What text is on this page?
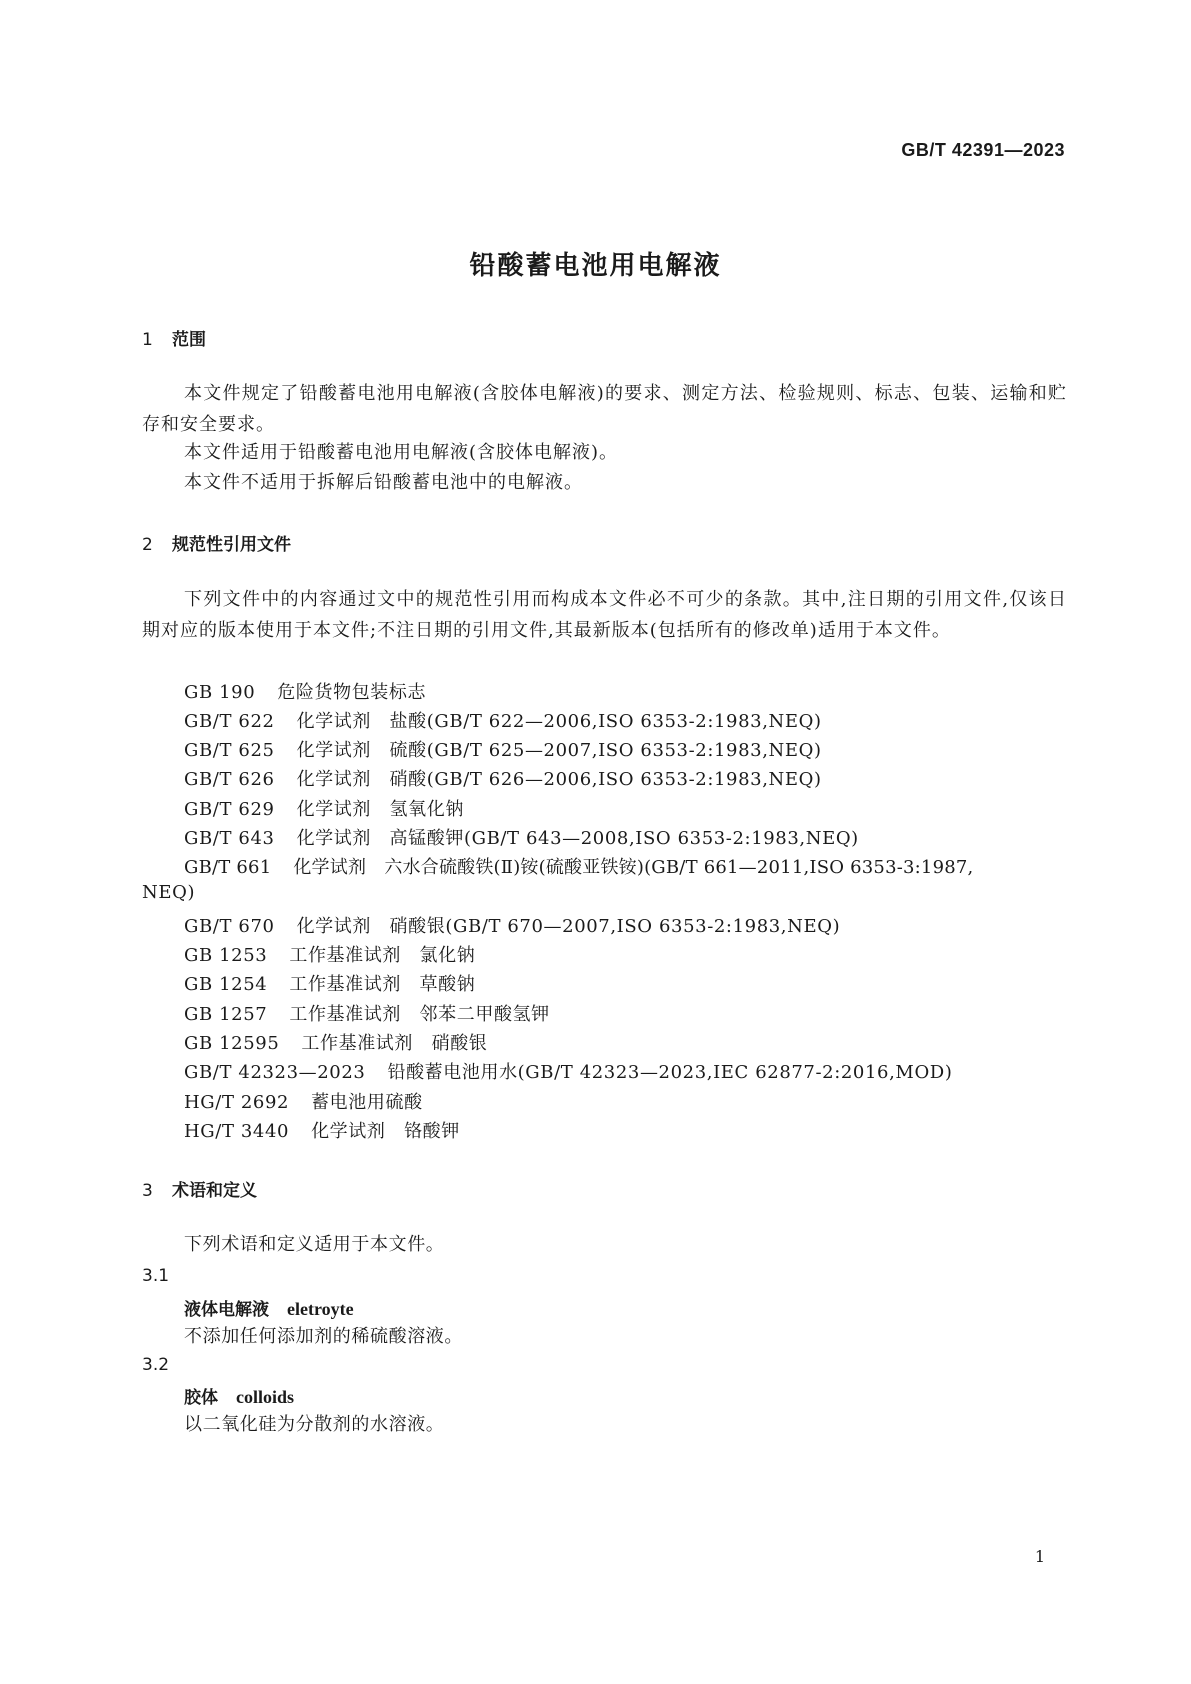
GB/T 42391—2023
铅酸蓄电池用电解液
1 范围
本文件规定了铅酸蓄电池用电解液(含胶体电解液)的要求、测定方法、检验规则、标志、包装、运输和贮存和安全要求。
本文件适用于铅酸蓄电池用电解液(含胶体电解液)。
本文件不适用于拆解后铅酸蓄电池中的电解液。
2 规范性引用文件
下列文件中的内容通过文中的规范性引用而构成本文件必不可少的条款。其中,注日期的引用文件,仅该日期对应的版本使用于本文件;不注日期的引用文件,其最新版本(包括所有的修改单)适用于本文件。
GB 190 危险货物包装标志
GB/T 622 化学试剂　盐酸(GB/T 622—2006,ISO 6353-2:1983,NEQ)
GB/T 625 化学试剂　硫酸(GB/T 625—2007,ISO 6353-2:1983,NEQ)
GB/T 626 化学试剂　硝酸(GB/T 626—2006,ISO 6353-2:1983,NEQ)
GB/T 629 化学试剂　氢氧化钠
GB/T 643 化学试剂　高锰酸钾(GB/T 643—2008,ISO 6353-2:1983,NEQ)
GB/T 661 化学试剂　六水合硫酸铁(Ⅱ)铵(硫酸亚铁铵)(GB/T 661—2011,ISO 6353-3:1987,
NEQ)
GB/T 670 化学试剂　硝酸银(GB/T 670—2007,ISO 6353-2:1983,NEQ)
GB 1253 工作基准试剂　氯化钠
GB 1254 工作基准试剂　草酸钠
GB 1257 工作基准试剂　邻苯二甲酸氢钾
GB 12595 工作基准试剂　硝酸银
GB/T 42323—2023 铅酸蓄电池用水(GB/T 42323—2023,IEC 62877-2:2016,MOD)
HG/T 2692 蓄电池用硫酸
HG/T 3440 化学试剂　铬酸钾
3 术语和定义
下列术语和定义适用于本文件。
3.1
液体电解液 eletroyte
不添加任何添加剂的稀硫酸溶液。
3.2
胶体 colloids
以二氧化硅为分散剂的水溶液。
1
